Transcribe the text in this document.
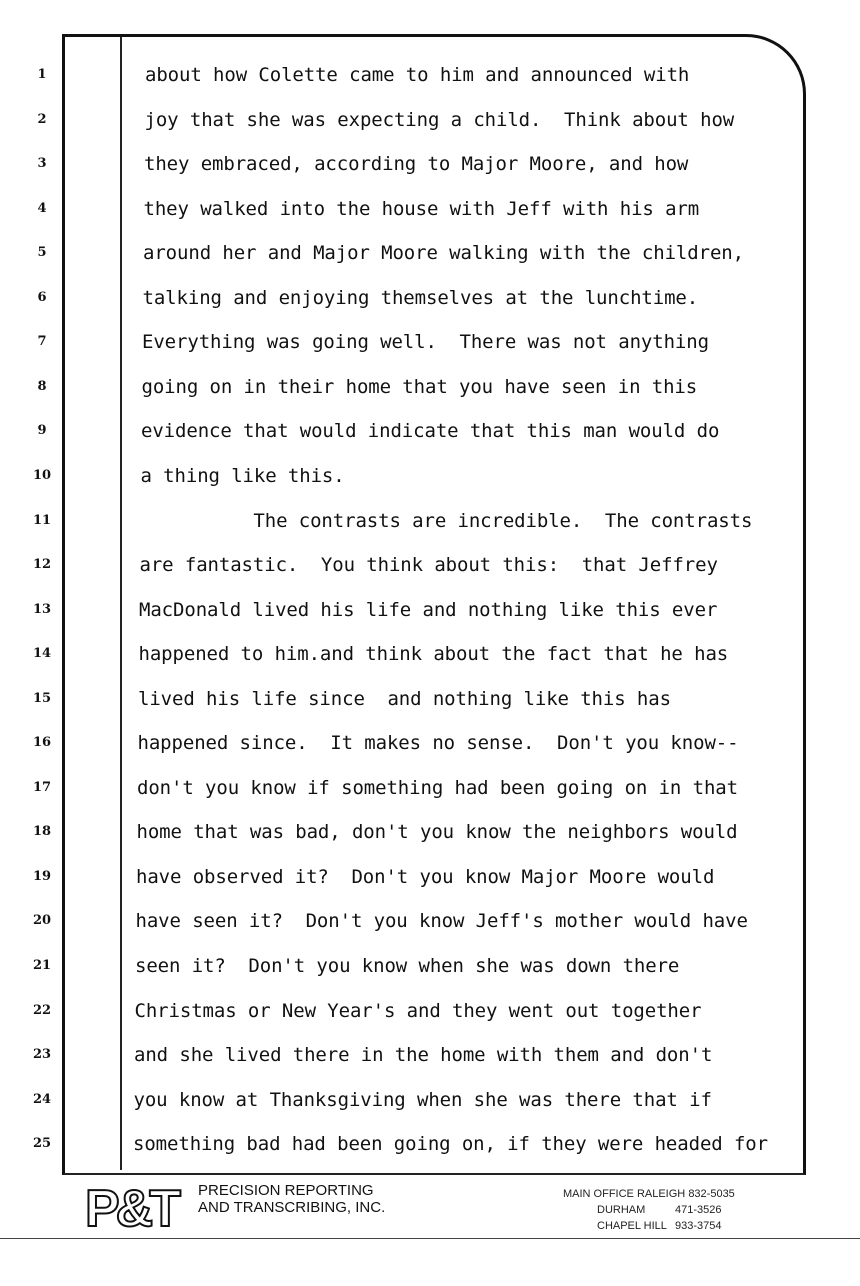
1	about how Colette came to him and announced with
2	joy that she was expecting a child.  Think about how
3	they embraced, according to Major Moore, and how
4	they walked into the house with Jeff with his arm
5	around her and Major Moore walking with the children,
6	talking and enjoying themselves at the lunchtime.
7	Everything was going well.  There was not anything
8	going on in their home that you have seen in this
9	evidence that would indicate that this man would do
10	a thing like this.
11	The contrasts are incredible.  The contrasts
12	are fantastic.  You think about this:  that Jeffrey
13	MacDonald lived his life and nothing like this ever
14	happened to him.and think about the fact that he has
15	lived his life since  and nothing like this has
16	happened since.  It makes no sense.  Don't you know--
17	don't you know if something had been going on in that
18	home that was bad, don't you know the neighbors would
19	have observed it?  Don't you know Major Moore would
20	have seen it?  Don't you know Jeff's mother would have
21	seen it?  Don't you know when she was down there
22	Christmas or New Year's and they went out together
23	and she lived there in the home with them and don't
24	you know at Thanksgiving when she was there that if
25	something bad had been going on, if they were headed for
P&T	PRECISION REPORTING
AND TRANSCRIBING, INC.
MAIN OFFICE RALEIGH 832-5035
DURHAM	471-3526
CHAPEL HILL 933-3754
